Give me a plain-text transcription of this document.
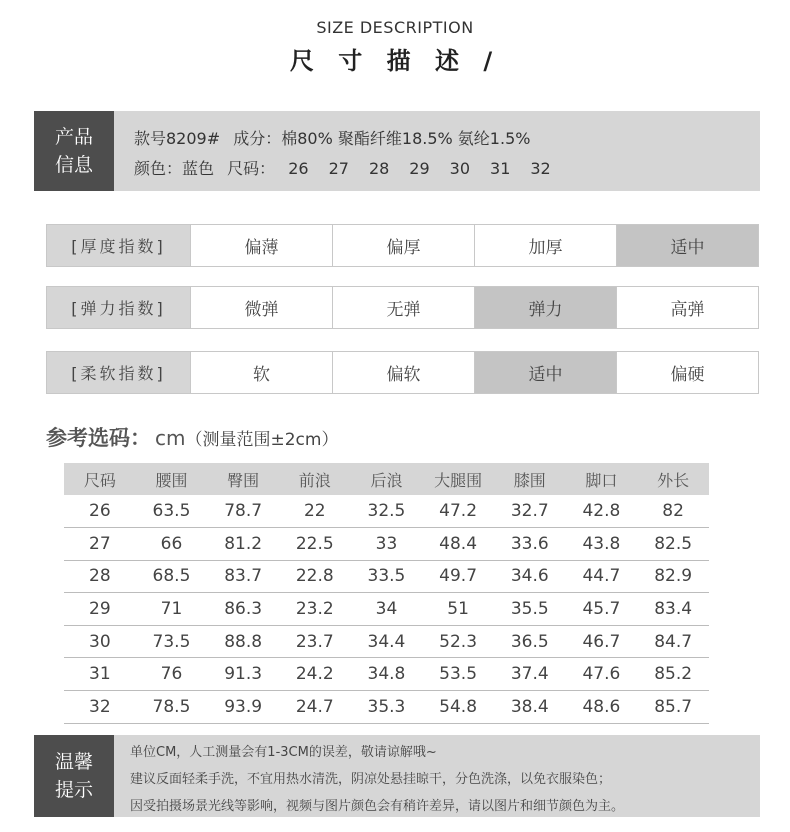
SIZE DESCRIPTION
尺 寸 描 述 /
产品
信息
款号8209# 成分：棉80% 聚酯纤维18.5% 氨纶1.5%
颜色：蓝色 尺码： 26 27 28 29 30 31 32
[厚度指数]	偏薄	偏厚	加厚	适中
[弹力指数]	微弹	无弹	弹力	高弹
[柔软指数]	软	偏软	适中	偏硬
参考选码： cm（测量范围±2cm）
尺码	腰围	臀围	前浪	后浪	大腿围	膝围	脚口	外长
26	63.5	78.7	22	32.5	47.2	32.7	42.8	82
27	66	81.2	22.5	33	48.4	33.6	43.8	82.5
28	68.5	83.7	22.8	33.5	49.7	34.6	44.7	82.9
29	71	86.3	23.2	34	51	35.5	45.7	83.4
30	73.5	88.8	23.7	34.4	52.3	36.5	46.7	84.7
31	76	91.3	24.2	34.8	53.5	37.4	47.6	85.2
32	78.5	93.9	24.7	35.3	54.8	38.4	48.6	85.7
温馨
提示
单位CM，人工测量会有1-3CM的误差，敬请谅解哦~
建议反面轻柔手洗，不宜用热水清洗，阴凉处悬挂晾干，分色洗涤，以免衣服染色；
因受拍摄场景光线等影响，视频与图片颜色会有稍许差异，请以图片和细节颜色为主。
